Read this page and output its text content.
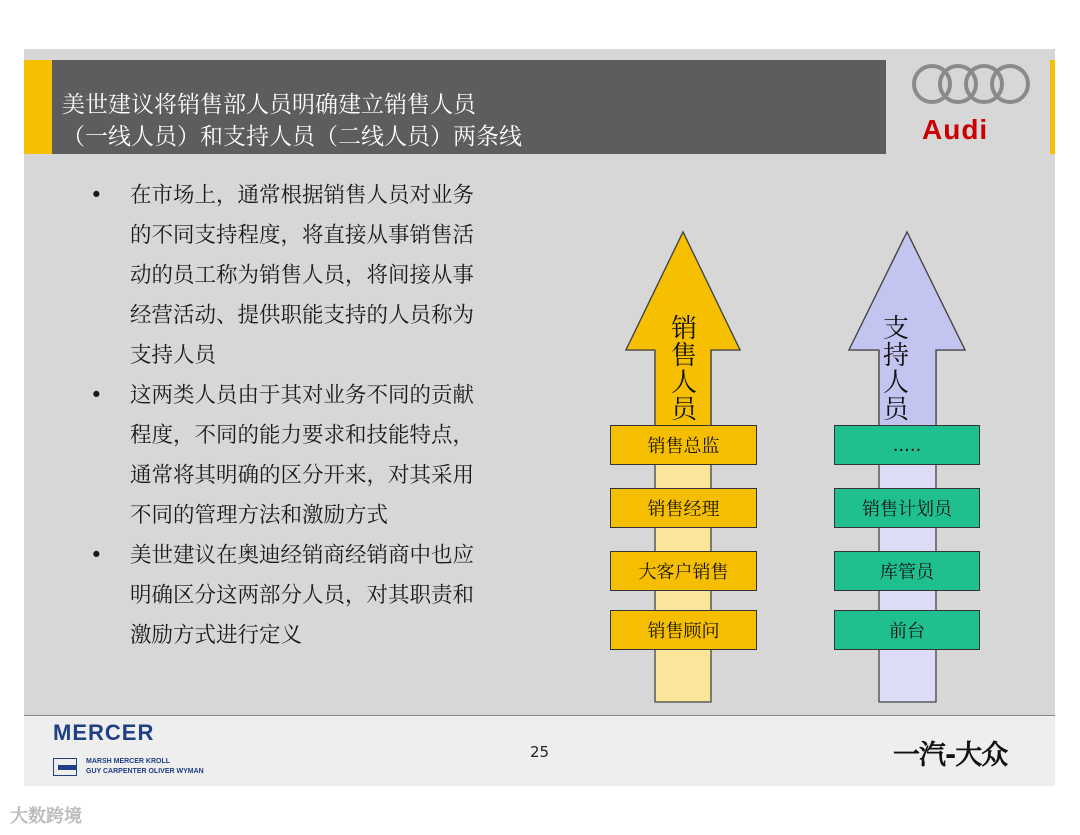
美世建议将销售部人员明确建立销售人员
（一线人员）和支持人员（二线人员）两条线	Audi
• 在市场上，通常根据销售人员对业务
的不同支持程度，将直接从事销售活
动的员工称为销售人员，将间接从事
经营活动、提供职能支持的人员称为
支持人员
• 这两类人员由于其对业务不同的贡献
程度，不同的能力要求和技能特点，
通常将其明确的区分开来，对其采用
不同的管理方法和激励方式
• 美世建议在奥迪经销商经销商中也应
明确区分这两部分人员，对其职责和
激励方式进行定义
销
售
人
员
支
持
人
员
销售总监
销售经理
大客户销售
销售顾问
.....
销售计划员
库管员
前台
MERCER
MARSH MERCER KROLL
GUY CARPENTER OLIVER WYMAN
25	一汽-大众
大数跨境
